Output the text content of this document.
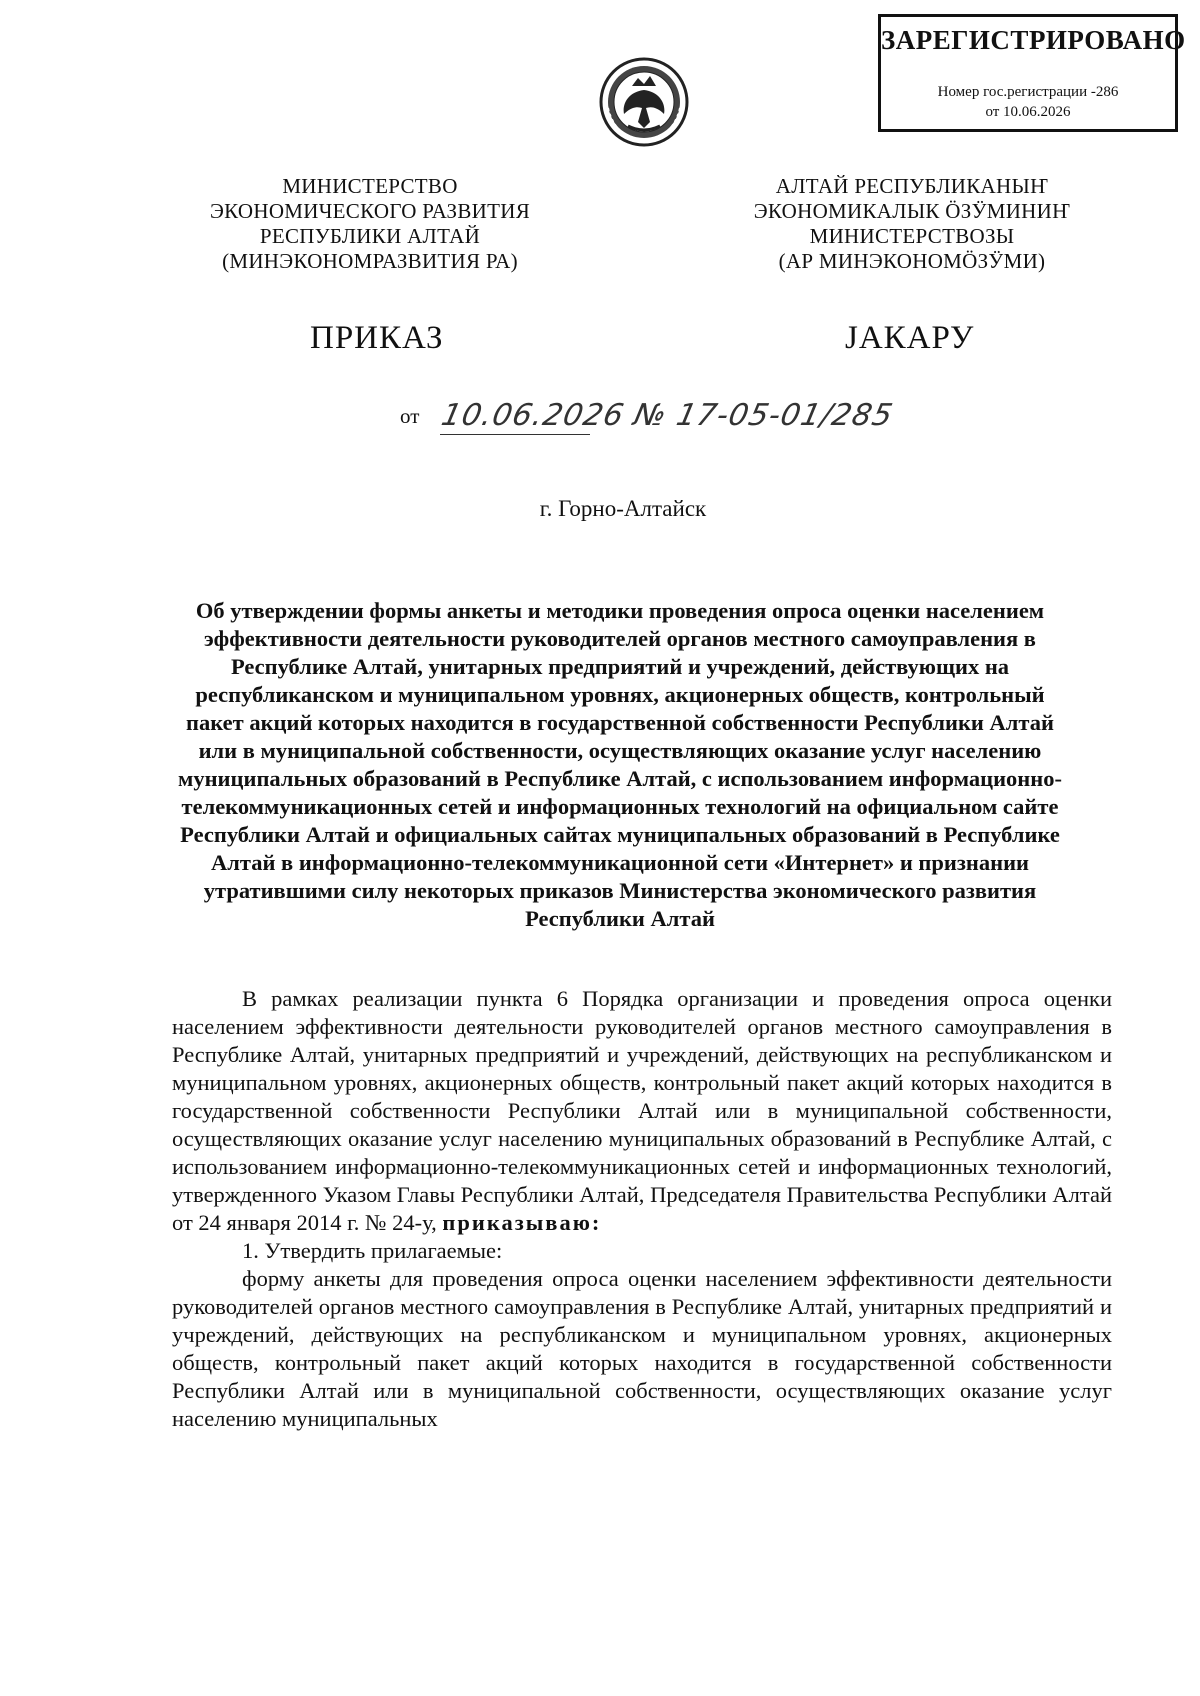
ЗАРЕГИСТРИРОВАНО
Номер гос.регистрации -286
от 10.06.2026
МИНИСТЕРСТВО
ЭКОНОМИЧЕСКОГО РАЗВИТИЯ
РЕСПУБЛИКИ АЛТАЙ
(МИНЭКОНОМРАЗВИТИЯ РА)
АЛТАЙ РЕСПУБЛИКАНЫҤ
ЭКОНОМИКАЛЫК ӦЗӰМИНИҤ
МИНИСТЕРСТВОЗЫ
(АР МИНЭКОНОМӦЗӰМИ)
ПРИКАЗ	JАКАРУ
от 10.06.2026 № 17-05-01/285
г. Горно-Алтайск
Об утверждении формы анкеты и методики проведения опроса оценки населением
эффективности деятельности руководителей органов местного самоуправления в
Республике Алтай, унитарных предприятий и учреждений, действующих на
республиканском и муниципальном уровнях, акционерных обществ, контрольный
пакет акций которых находится в государственной собственности Республики Алтай
или в муниципальной собственности, осуществляющих оказание услуг населению
муниципальных образований в Республике Алтай, с использованием информационно-
телекоммуникационных сетей и информационных технологий на официальном сайте
Республики Алтай и официальных сайтах муниципальных образований в Республике
Алтай в информационно-телекоммуникационной сети «Интернет» и признании
утратившими силу некоторых приказов Министерства экономического развития
Республики Алтай

В рамках реализации пункта 6 Порядка организации и проведения опроса оценки населением эффективности деятельности руководителей органов местного самоуправления в Республике Алтай, унитарных предприятий и учреждений, действующих на республиканском и муниципальном уровнях, акционерных обществ, контрольный пакет акций которых находится в государственной собственности Республики Алтай или в муниципальной собственности, осуществляющих оказание услуг населению муниципальных образований в Республике Алтай, с использованием информационно-телекоммуникационных сетей и информационных технологий, утвержденного Указом Главы Республики Алтай, Председателя Правительства Республики Алтай от 24 января 2014 г. № 24-у, приказываю:

1. Утвердить прилагаемые:

форму анкеты для проведения опроса оценки населением эффективности деятельности руководителей органов местного самоуправления в Республике Алтай, унитарных предприятий и учреждений, действующих на республиканском и муниципальном уровнях, акционерных обществ, контрольный пакет акций которых находится в государственной собственности Республики Алтай или в муниципальной собственности, осуществляющих оказание услуг населению муниципальных
